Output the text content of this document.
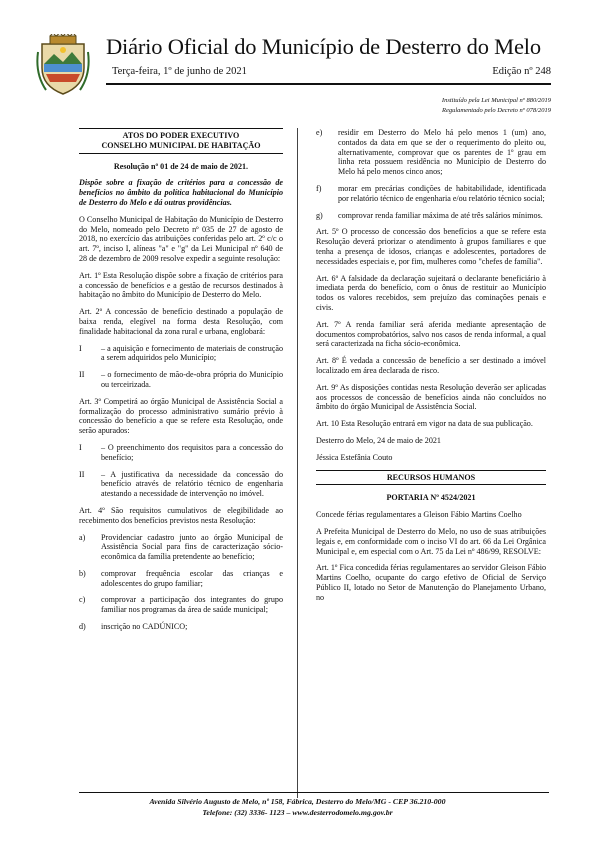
Diário Oficial do Município de Desterro do Melo
Terça-feira, 1º de junho de 2021	Edição nº 248
Instituído pela Lei Municipal nº 880/2019
Regulamentado pelo Decreto nº 078/2019
ATOS DO PODER EXECUTIVO
CONSELHO MUNICIPAL DE HABITAÇÃO

Resolução nº 01 de 24 de maio de 2021.

Dispõe sobre a fixação de critérios para a concessão de benefícios no âmbito da política habitacional do Município de Desterro do Melo e dá outras providências.

O Conselho Municipal de Habitação do Município de Desterro do Melo, nomeado pelo Decreto nº 035 de 27 de agosto de 2018, no exercício das atribuições conferidas pelo art. 2º c/c o art. 7º, inciso I, alíneas "a" e "g" da Lei Municipal nº 640 de 28 de dezembro de 2009 resolve expedir a seguinte resolução:

Art. 1º Esta Resolução dispõe sobre a fixação de critérios para a concessão de benefícios e a gestão de recursos destinados à habitação no âmbito do Município de Desterro do Melo.

Art. 2º A concessão de benefício destinado a população de baixa renda, elegível na forma desta Resolução, com finalidade habitacional da zona rural e urbana, englobará:

I	– a aquisição e fornecimento de materiais de construção a serem adquiridos pelo Município;

II	– o fornecimento de mão-de-obra própria do Município ou terceirizada.

Art. 3º Competirá ao órgão Municipal de Assistência Social a formalização do processo administrativo sumário prévio à concessão do benefício a que se refere esta Resolução, onde serão apurados:

I	– O preenchimento dos requisitos para a concessão do benefício;

II	– A justificativa da necessidade da concessão do benefício através de relatório técnico de engenharia atestando a necessidade de intervenção no imóvel.

Art. 4º São requisitos cumulativos de elegibilidade ao recebimento dos benefícios previstos nesta Resolução:

a)	Providenciar cadastro junto ao órgão Municipal de Assistência Social para fins de caracterização sócio-econômica da família pretendente ao benefício;

b)	comprovar frequência escolar das crianças e adolescentes do grupo familiar;

c)	comprovar a participação dos integrantes do grupo familiar nos programas da área de saúde municipal;

d)	inscrição no CADÚNICO;

e)	residir em Desterro do Melo há pelo menos 1 (um) ano, contados da data em que se der o requerimento do pleito ou, alternativamente, comprovar que os parentes de 1º grau em linha reta possuem residência no Município de Desterro do Melo há pelo menos cinco anos;

f)	morar em precárias condições de habitabilidade, identificada por relatório técnico de engenharia e/ou relatório técnico social;

g)	comprovar renda familiar máxima de até três salários mínimos.

Art. 5º O processo de concessão dos benefícios a que se refere esta Resolução deverá priorizar o atendimento à grupos familiares e que tenha a presença de idosos, crianças e adolescentes, portadores de necessidades especiais e, por fim, mulheres como "chefes de família".

Art. 6º A falsidade da declaração sujeitará o declarante beneficiário à imediata perda do benefício, com o ônus de restituir ao Município todos os valores recebidos, sem prejuízo das cominações penais e civis.

Art. 7º A renda familiar será aferida mediante apresentação de documentos comprobatórios, salvo nos casos de renda informal, a qual será caracterizada na ficha sócio-econômica.

Art. 8º É vedada a concessão de benefício a ser destinado a imóvel localizado em área declarada de risco.

Art. 9º As disposições contidas nesta Resolução deverão ser aplicadas aos processos de concessão de benefícios ainda não concluídos no âmbito do órgão Municipal de Assistência Social.

Art. 10 Esta Resolução entrará em vigor na data de sua publicação.

Desterro do Melo, 24 de maio de 2021

Jéssica Estefânia Couto

RECURSOS HUMANOS

PORTARIA Nº 4524/2021

Concede férias regulamentares a Gleison Fábio Martins Coelho

A Prefeita Municipal de Desterro do Melo, no uso de suas atribuições legais e, em conformidade com o inciso VI do art. 66 da Lei Orgânica Municipal e, em especial com o Art. 75 da Lei nº 486/99, RESOLVE:

Art. 1º Fica concedida férias regulamentares ao servidor Gleison Fábio Martins Coelho, ocupante do cargo efetivo de Oficial de Serviço Público II, lotado no Setor de Manutenção do Planejamento Urbano, no

Avenida Silvério Augusto de Melo, nº 158, Fábrica, Desterro do Melo/MG - CEP 36.210-000
Telefone: (32) 3336- 1123 – www.desterrodomelo.mg.gov.br
